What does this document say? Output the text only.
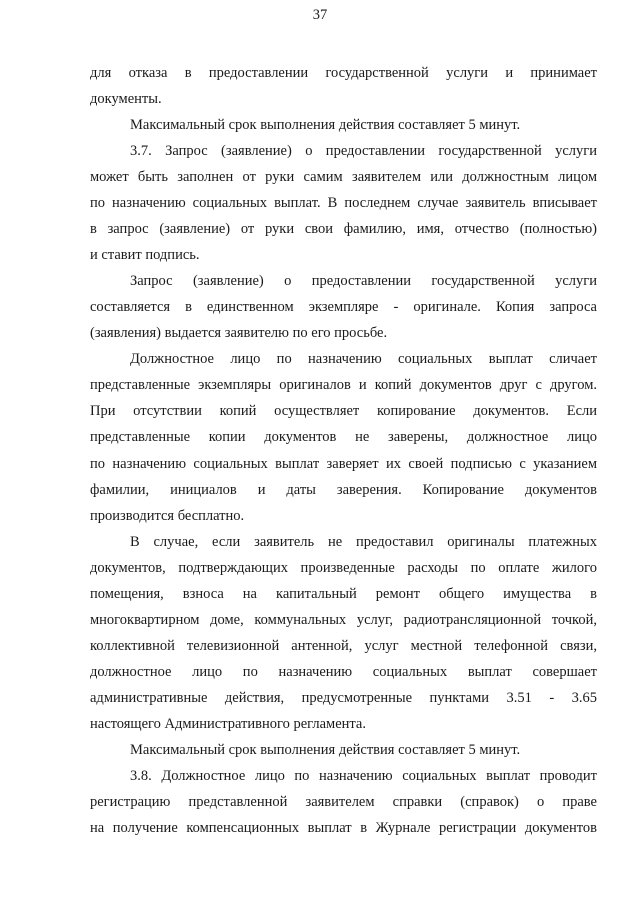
37
для отказа в предоставлении государственной услуги и принимает
документы.
Максимальный срок выполнения действия составляет 5 минут.
3.7. Запрос (заявление) о предоставлении государственной услуги
может быть заполнен от руки самим заявителем или должностным лицом
по назначению социальных выплат. В последнем случае заявитель вписывает
в запрос (заявление) от руки свои фамилию, имя, отчество (полностью)
и ставит подпись.
Запрос (заявление) о предоставлении государственной услуги
составляется в единственном экземпляре - оригинале. Копия запроса
(заявления) выдается заявителю по его просьбе.
Должностное лицо по назначению социальных выплат сличает
представленные экземпляры оригиналов и копий документов друг с другом.
При отсутствии копий осуществляет копирование документов. Если
представленные копии документов не заверены, должностное лицо
по назначению социальных выплат заверяет их своей подписью с указанием
фамилии, инициалов и даты заверения. Копирование документов
производится бесплатно.
В случае, если заявитель не предоставил оригиналы платежных
документов, подтверждающих произведенные расходы по оплате жилого
помещения, взноса на капитальный ремонт общего имущества в
многоквартирном доме, коммунальных услуг, радиотрансляционной точкой,
коллективной телевизионной антенной, услуг местной телефонной связи,
должностное лицо по назначению социальных выплат совершает
административные действия, предусмотренные пунктами 3.51 - 3.65
настоящего Административного регламента.
Максимальный срок выполнения действия составляет 5 минут.
3.8. Должностное лицо по назначению социальных выплат проводит
регистрацию представленной заявителем справки (справок) о праве
на получение компенсационных выплат в Журнале регистрации документов
